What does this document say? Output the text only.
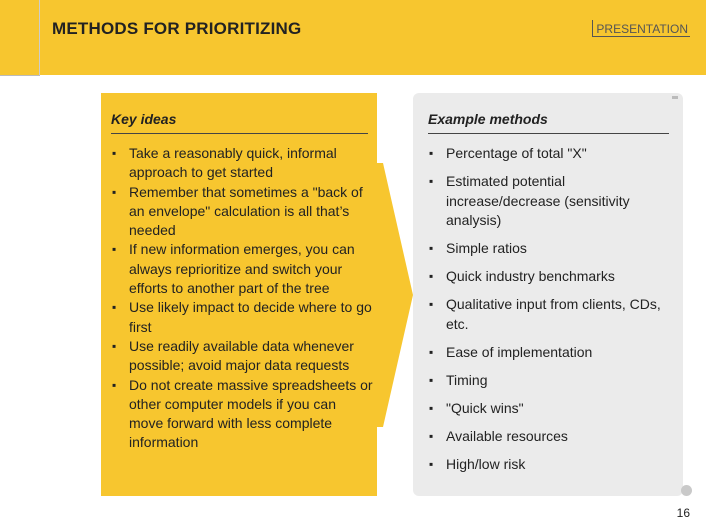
METHODS FOR PRIORITIZING	PRESENTATION
Key ideas	Example methods
▪ Take a reasonably quick, informal approach to get started
▪ Remember that sometimes a "back of an envelope" calculation is all that’s needed
▪ If new information emerges, you can always reprioritize and switch your efforts to another part of the tree
▪ Use likely impact to decide where to go first
▪ Use readily available data whenever possible; avoid major data requests
▪ Do not create massive spreadsheets or other computer models if you can move forward with less complete information
▪ Percentage of total "X"
▪ Estimated potential increase/decrease (sensitivity analysis)
▪ Simple ratios
▪ Quick industry benchmarks
▪ Qualitative input from clients, CDs, etc.
▪ Ease of implementation
▪ Timing
▪ "Quick wins"
▪ Available resources
▪ High/low risk
16
